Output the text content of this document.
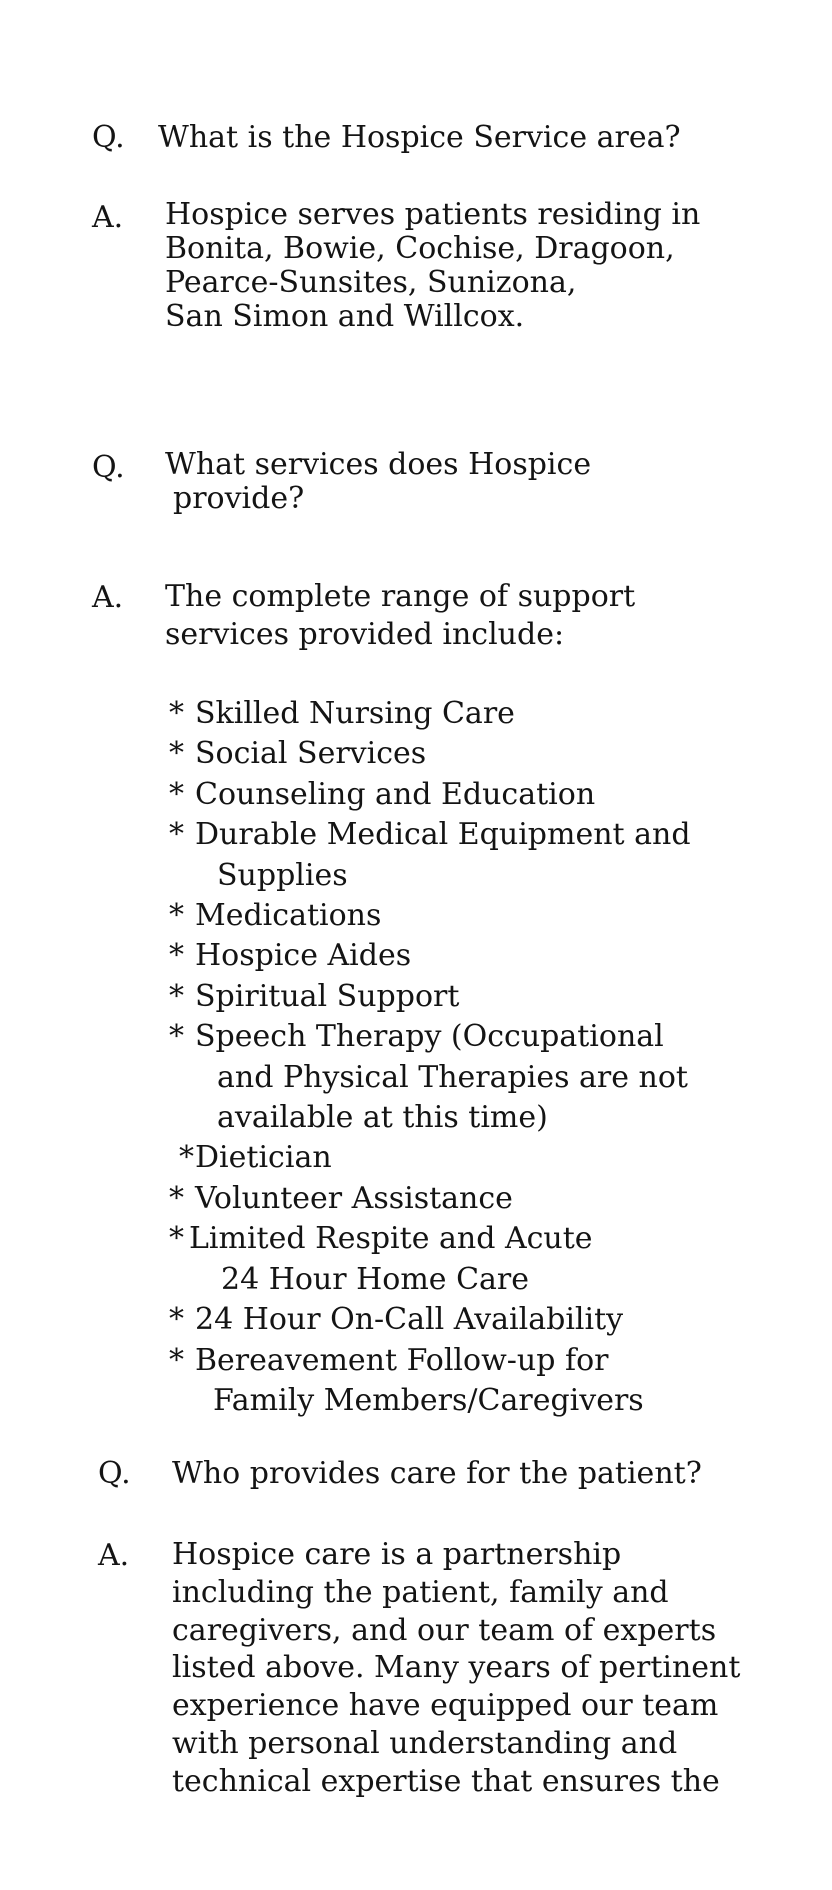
Q. What is the Hospice Service area?
A. Hospice serves patients residing in
Bonita, Bowie, Cochise, Dragoon,
Pearce-Sunsites, Sunizona,
San Simon and Willcox.
Q. What services does Hospice
provide?
A. The complete range of support
services provided include:
* Skilled Nursing Care
* Social Services
* Counseling and Education
* Durable Medical Equipment and
Supplies
* Medications
* Hospice Aides
* Spiritual Support
* Speech Therapy (Occupational
and Physical Therapies are not
available at this time)
*Dietician
* Volunteer Assistance
* Limited Respite and Acute
24 Hour Home Care
* 24 Hour On-Call Availability
* Bereavement Follow-up for
Family Members/Caregivers
Q. Who provides care for the patient?
A. Hospice care is a partnership
including the patient, family and
caregivers, and our team of experts
listed above. Many years of pertinent
experience have equipped our team
with personal understanding and
technical expertise that ensures the
